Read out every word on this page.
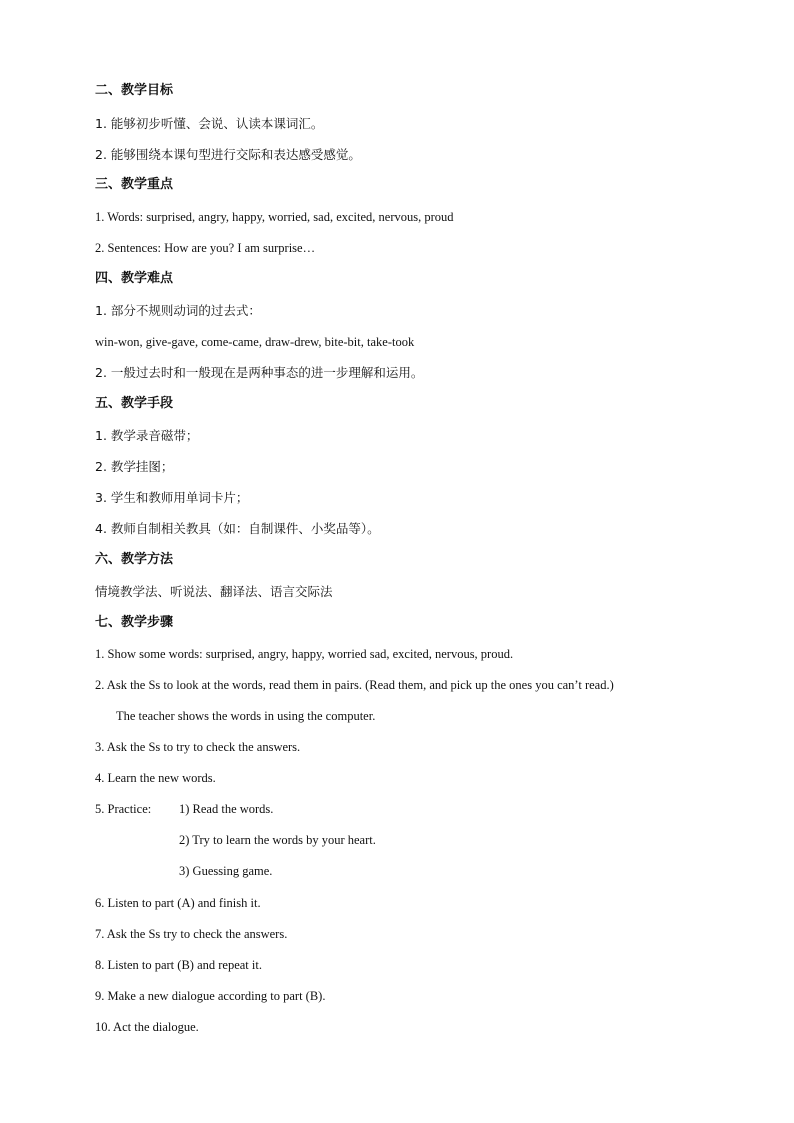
二、教学目标
1. 能够初步听懂、会说、认读本课词汇。
2. 能够围绕本课句型进行交际和表达感受感觉。
三、教学重点
1. Words: surprised, angry, happy, worried, sad, excited, nervous, proud
2. Sentences: How are you? I am surprise…
四、教学难点
1. 部分不规则动词的过去式：
win-won, give-gave, come-came, draw-drew, bite-bit, take-took
2. 一般过去时和一般现在是两种事态的进一步理解和运用。
五、教学手段
1. 教学录音磁带；
2. 教学挂图；
3. 学生和教师用单词卡片；
4. 教师自制相关教具（如：自制课件、小奖品等）。
六、教学方法
情境教学法、听说法、翻译法、语言交际法
七、教学步骤
1. Show some words: surprised, angry, happy, worried sad, excited, nervous, proud.
2. Ask the Ss to look at the words, read them in pairs. (Read them, and pick up the ones you can’t read.)
The teacher shows the words in using the computer.
3. Ask the Ss to try to check the answers.
4. Learn the new words.
5. Practice: 1) Read the words.
2) Try to learn the words by your heart.
3) Guessing game.
6. Listen to part (A) and finish it.
7. Ask the Ss try to check the answers.
8. Listen to part (B) and repeat it.
9. Make a new dialogue according to part (B).
10. Act the dialogue.
